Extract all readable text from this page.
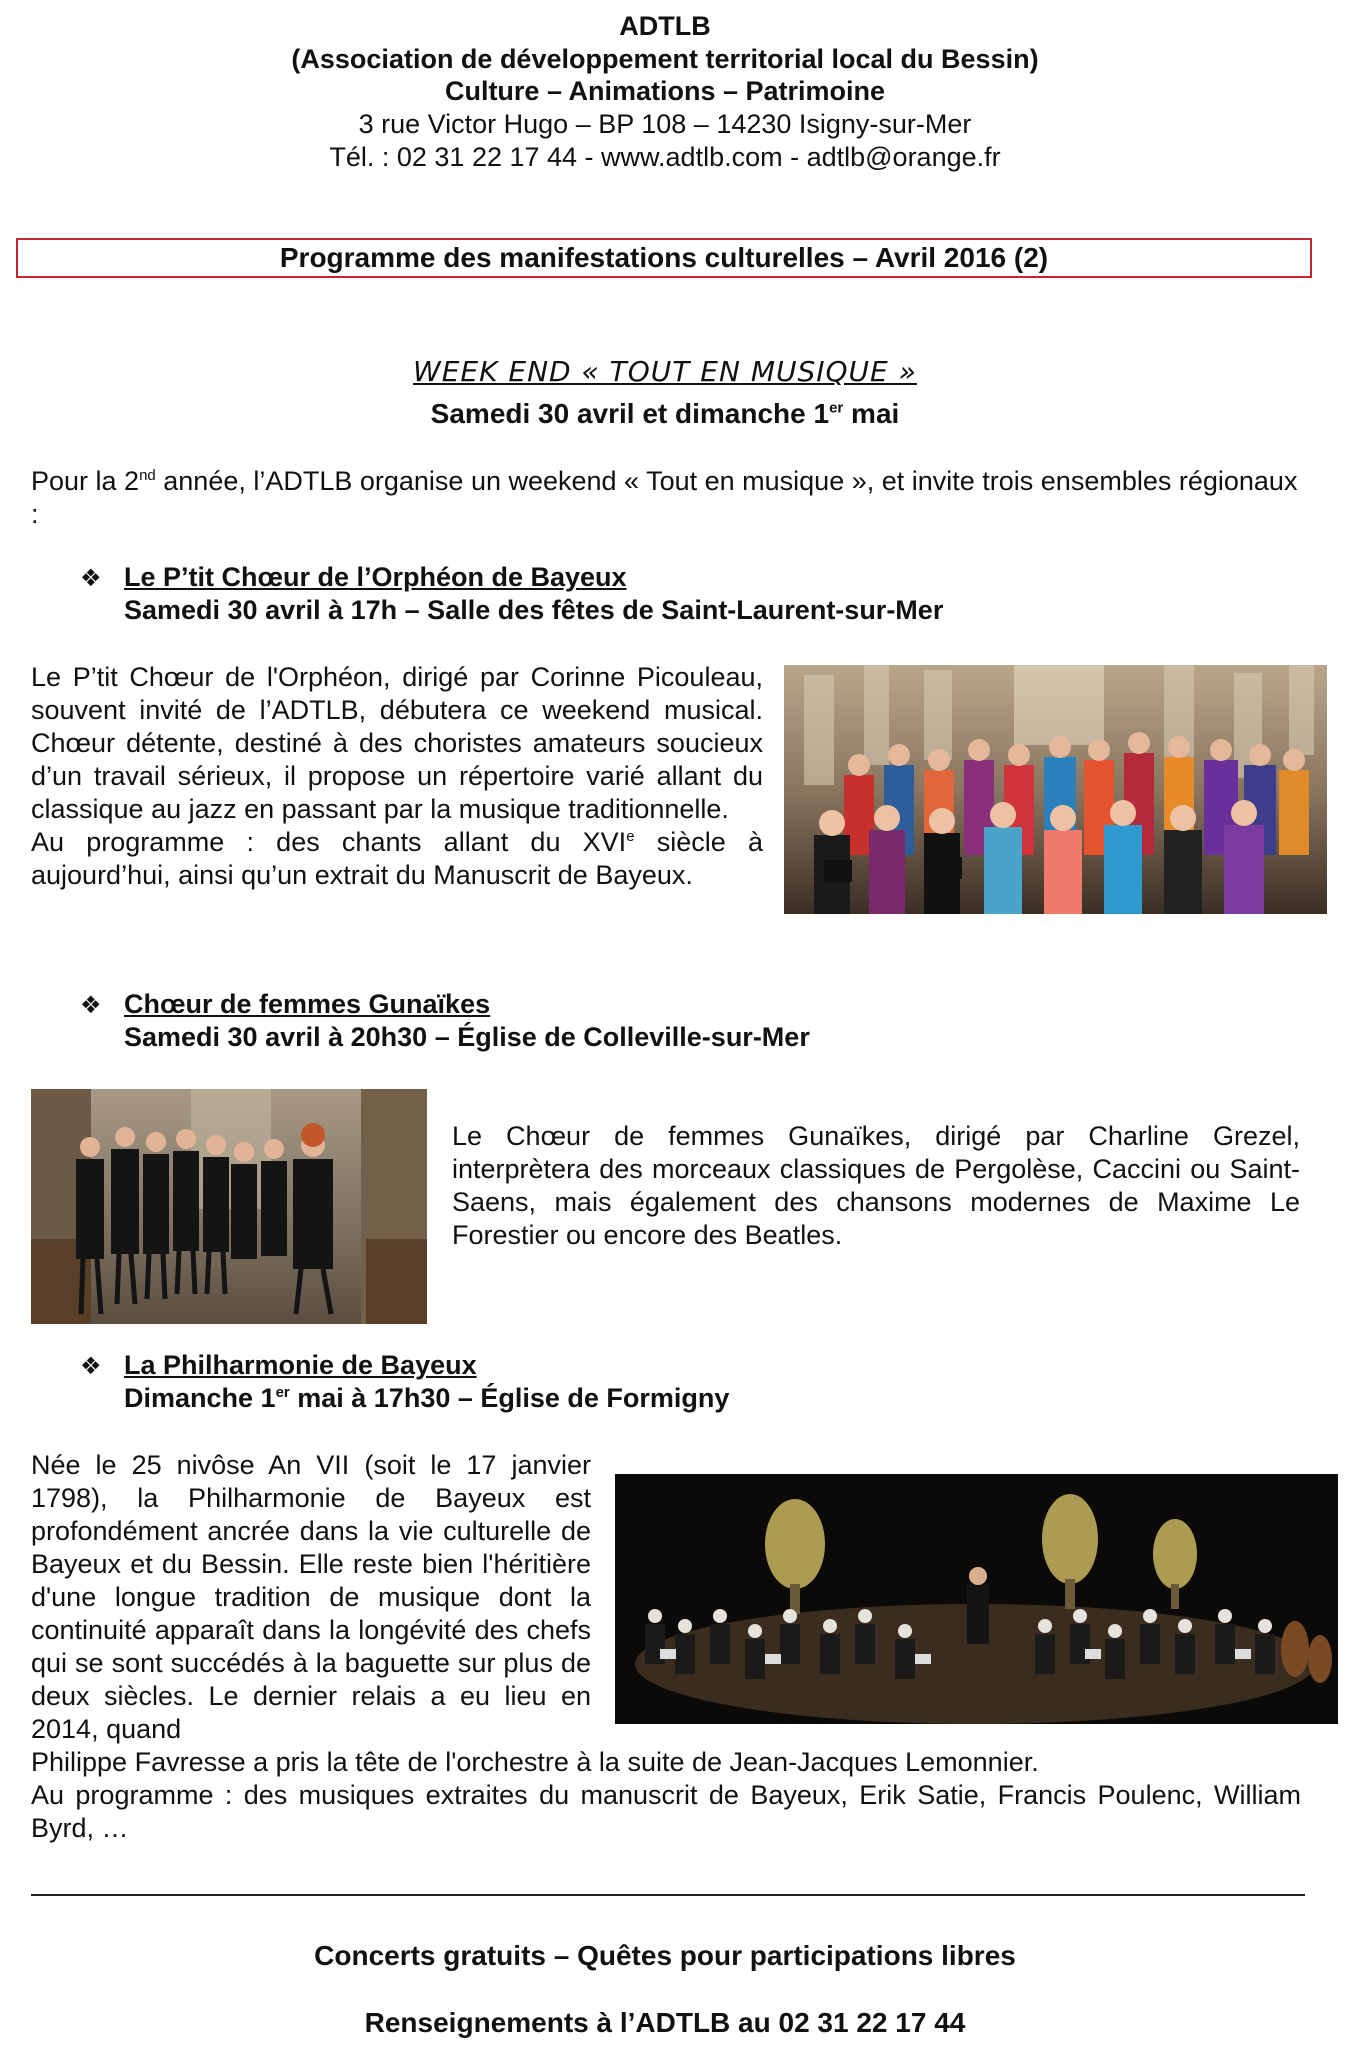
ADTLB
(Association de développement territorial local du Bessin)
Culture – Animations – Patrimoine
3 rue Victor Hugo – BP 108 – 14230 Isigny-sur-Mer
Tél. : 02 31 22 17 44 - www.adtlb.com - adtlb@orange.fr
Programme des manifestations culturelles – Avril 2016 (2)
WEEK END « TOUT EN MUSIQUE »
Samedi 30 avril et dimanche 1er mai
Pour la 2nd année, l’ADTLB organise un weekend « Tout en musique », et invite trois ensembles régionaux :
❖ Le P’tit Chœur de l’Orphéon de Bayeux
Samedi 30 avril à 17h – Salle des fêtes de Saint-Laurent-sur-Mer
Le P’tit Chœur de l'Orphéon, dirigé par Corinne Picouleau, souvent invité de l’ADTLB, débutera ce weekend musical. Chœur détente, destiné à des choristes amateurs soucieux d’un travail sérieux, il propose un répertoire varié allant du classique au jazz en passant par la musique traditionnelle.
Au programme : des chants allant du XVIe siècle à aujourd’hui, ainsi qu’un extrait du Manuscrit de Bayeux.
❖ Chœur de femmes Gunaïkes
Samedi 30 avril à 20h30 – Église de Colleville-sur-Mer
Le Chœur de femmes Gunaïkes, dirigé par Charline Grezel, interprètera des morceaux classiques de Pergolèse, Caccini ou Saint-Saens, mais également des chansons modernes de Maxime Le Forestier ou encore des Beatles.
❖ La Philharmonie de Bayeux
Dimanche 1er mai à 17h30 – Église de Formigny
Née le 25 nivôse An VII (soit le 17 janvier 1798), la Philharmonie de Bayeux est profondément ancrée dans la vie culturelle de Bayeux et du Bessin. Elle reste bien l'héritière d'une longue tradition de musique dont la continuité apparaît dans la longévité des chefs qui se sont succédés à la baguette sur plus de deux siècles. Le dernier relais a eu lieu en 2014, quand
Philippe Favresse a pris la tête de l'orchestre à la suite de Jean-Jacques Lemonnier.
Au programme : des musiques extraites du manuscrit de Bayeux, Erik Satie, Francis Poulenc, William Byrd, …
Concerts gratuits – Quêtes pour participations libres
Renseignements à l’ADTLB au 02 31 22 17 44
